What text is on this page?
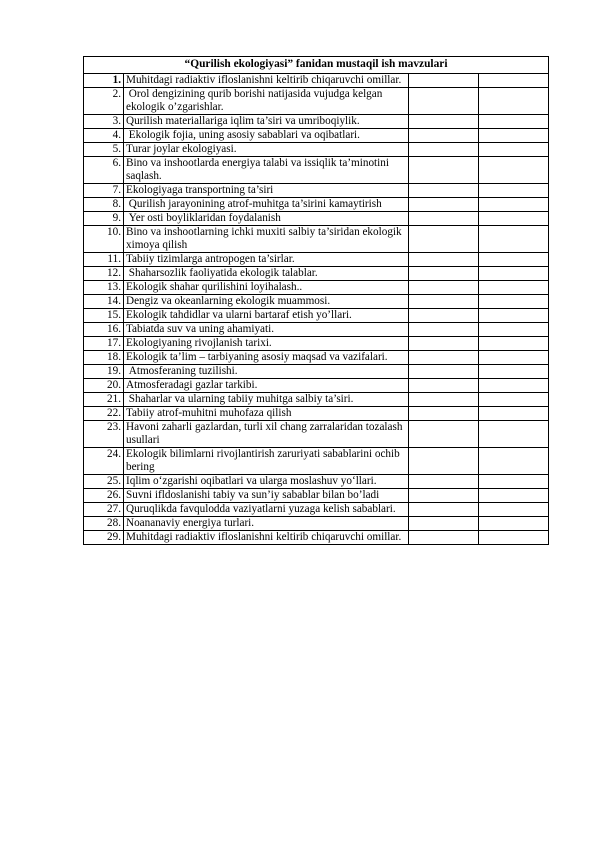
“Qurilish ekologiyasi” fanidan mustaqil ish mavzulari			
1.	Muhitdagi radiaktiv ifloslanishni keltirib chiqaruvchi omillar.		
2.	Orol dengizining qurib borishi natijasida vujudga kelgan ekologik o’zgarishlar.		
3.	Qurilish materiallariga iqlim ta’siri va umriboqiylik.		
4.	Ekologik fojia, uning asosiy sabablari va oqibatlari.		
5.	Turar joylar ekologiyasi.		
6.	Bino va inshootlarda energiya talabi va issiqlik ta’minotini saqlash.		
7.	Ekologiyaga transportning ta’siri		
8.	Qurilish jarayonining atrof-muhitga ta’sirini kamaytirish		
9.	Yer osti boyliklaridan foydalanish		
10.	Bino va inshootlarning ichki muxiti salbiy ta’siridan ekologik ximoya qilish		
11.	Tabiiy tizimlarga antropogen ta’sirlar.		
12.	Shaharsozlik faoliyatida ekologik talablar.		
13.	Ekologik shahar qurilishini loyihalash..		
14.	Dengiz va okeanlarning ekologik muammosi.		
15.	Ekologik tahdidlar va ularni bartaraf etish yo’llari.		
16.	Tabiatda suv va uning ahamiyati.		
17.	Ekologiyaning rivojlanish tarixi.		
18.	Ekologik ta’lim – tarbiyaning asosiy maqsad va vazifalari.		
19.	Atmosferaning tuzilishi.		
20.	Atmosferadagi gazlar tarkibi.		
21.	Shaharlar va ularning tabiiy muhitga salbiy ta’siri.		
22.	Tabiiy atrof-muhitni muhofaza qilish		
23.	Havoni zaharli gazlardan, turli xil chang zarralaridan tozalash usullari		
24.	Ekologik bilimlarni rivojlantirish zaruriyati sabablarini ochib bering		
25.	Iqlim o‘zgarishi oqibatlari va ularga moslashuv yo‘llari.		
26.	Suvni ifldoslanishi tabiy va sun’iy sabablar bilan bo’ladi		
27.	Quruqlikda favqulodda vaziyatlarni yuzaga kelish sabablari.		
28.	Noananaviy energiya turlari.		
29.	Muhitdagi radiaktiv ifloslanishni keltirib chiqaruvchi omillar.		
